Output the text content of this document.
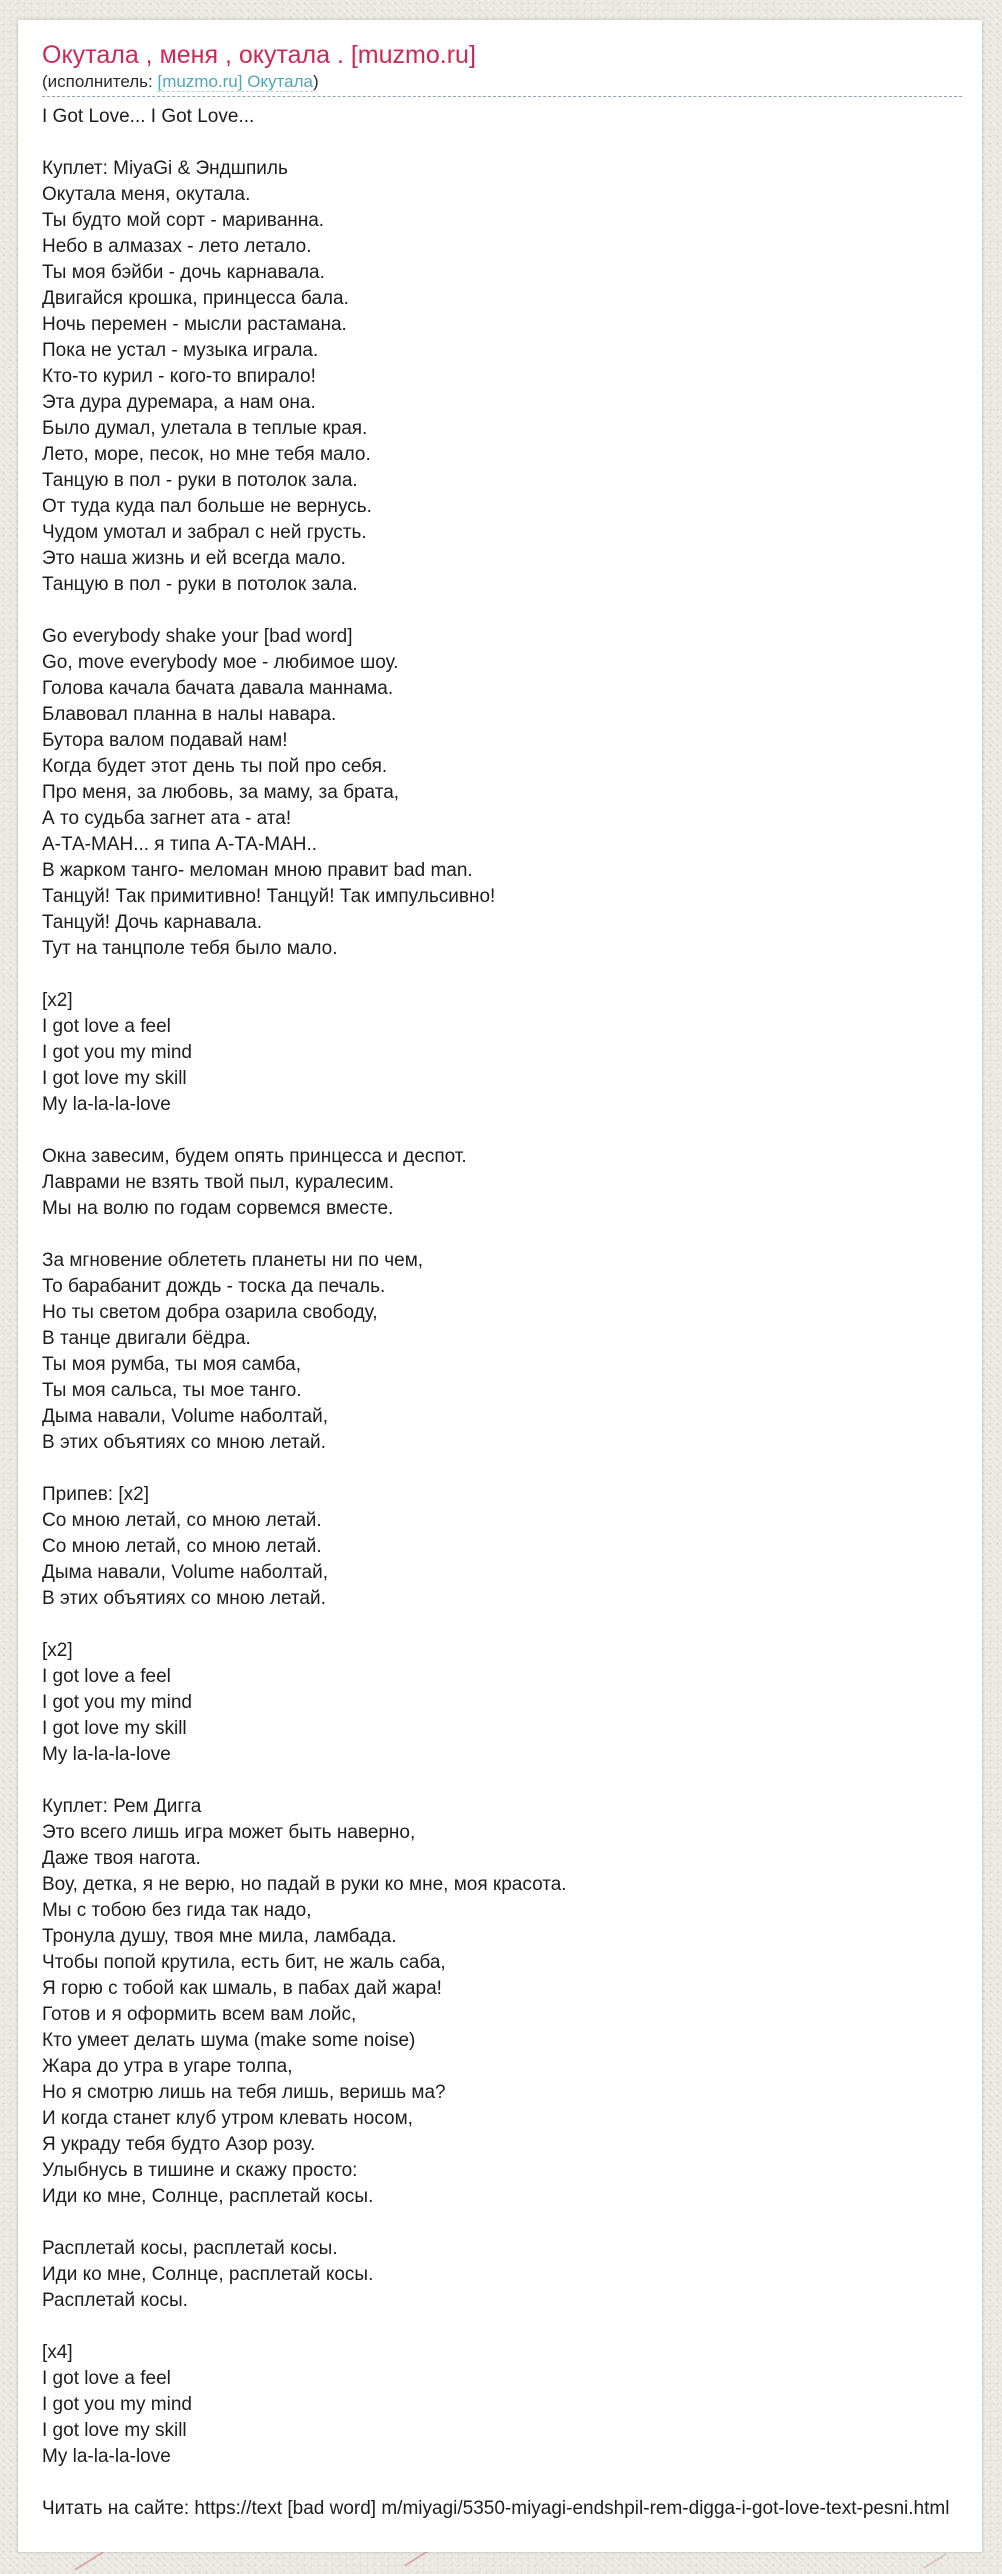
Окутала , меня , окутала . [muzmo.ru]
(исполнитель: [muzmo.ru] Окутала)
I Got Love... I Got Love...
Куплет: MiyaGi & Эндшпиль
Окутала меня, окутала.
Ты будто мой сорт - мариванна.
Небо в алмазах - лето летало.
Ты моя бэйби - дочь карнавала.
Двигайся крошка, принцесса бала.
Ночь перемен - мысли растамана.
Пока не устал - музыка играла.
Кто-то курил - кого-то впирало!
Эта дура дуремара, а нам она.
Было думал, улетала в теплые края.
Лето, море, песок, но мне тебя мало.
Танцую в пол - руки в потолок зала.
От туда куда пал больше не вернусь.
Чудом умотал и забрал с ней грусть.
Это наша жизнь и ей всегда мало.
Танцую в пол - руки в потолок зала.
Go everybody shake your [bad word]
Go, move everybody мое - любимое шоу.
Голова качала бачата давала маннама.
Блавовал планна в налы навара.
Бутора валом подавай нам!
Когда будет этот день ты пой про себя.
Про меня, за любовь, за маму, за брата,
А то судьба загнет ата - ата!
А-ТА-МАН... я типа А-ТА-МАН..
В жарком танго- меломан мною правит bad man.
Танцуй! Так примитивно! Танцуй! Так импульсивно!
Танцуй! Дочь карнавала.
Тут на танцполе тебя было мало.
[x2]
I got love a feel
I got you my mind
I got love my skill
My la-la-la-love
Окна завесим, будем опять принцесса и деспот.
Лаврами не взять твой пыл, куралесим.
Мы на волю по годам сорвемся вместе.
За мгновение облететь планеты ни по чем,
То барабанит дождь - тоска да печаль.
Но ты светом добра озарила свободу,
В танце двигали бёдра.
Ты моя румба, ты моя самба,
Ты моя сальса, ты мое танго.
Дыма навали, Volume наболтай,
В этих объятиях со мною летай.
Припев: [x2]
Со мною летай, со мною летай.
Со мною летай, со мною летай.
Дыма навали, Volume наболтай,
В этих объятиях со мною летай.
[x2]
I got love a feel
I got you my mind
I got love my skill
My la-la-la-love
Куплет: Рем Дигга
Это всего лишь игра может быть наверно,
Даже твоя нагота.
Воу, детка, я не верю, но падай в руки ко мне, моя красота.
Мы с тобою без гида так надо,
Тронула душу, твоя мне мила, ламбада.
Чтобы попой крутила, есть бит, не жаль саба,
Я горю с тобой как шмаль, в пабах дай жара!
Готов и я оформить всем вам лойс,
Кто умеет делать шума (make some noise)
Жара до утра в угаре толпа,
Но я смотрю лишь на тебя лишь, веришь ма?
И когда станет клуб утром клевать носом,
Я украду тебя будто Азор розу.
Улыбнусь в тишине и скажу просто:
Иди ко мне, Солнце, расплетай косы.
Расплетай косы, расплетай косы.
Иди ко мне, Солнце, расплетай косы.
Расплетай косы.
[x4]
I got love a feel
I got you my mind
I got love my skill
My la-la-la-love
Читать на сайте: https://text [bad word] m/miyagi/5350-miyagi-endshpil-rem-digga-i-got-love-text-pesni.html
